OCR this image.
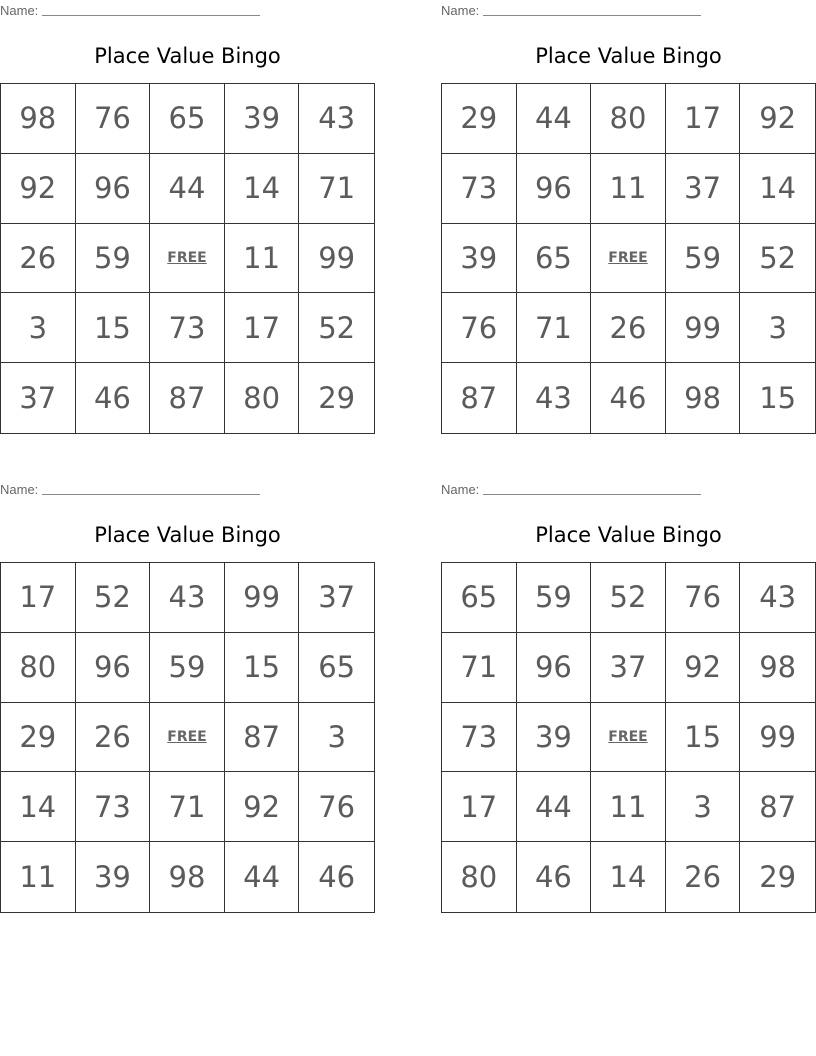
Name:
Place Value Bingo
98	76	65	39	43
92	96	44	14	71
26	59	FREE	11	99
3	15	73	17	52
37	46	87	80	29
Name:
Place Value Bingo
29	44	80	17	92
73	96	11	37	14
39	65	FREE	59	52
76	71	26	99	3
87	43	46	98	15
Name:
Place Value Bingo
17	52	43	99	37
80	96	59	15	65
29	26	FREE	87	3
14	73	71	92	76
11	39	98	44	46
Name:
Place Value Bingo
65	59	52	76	43
71	96	37	92	98
73	39	FREE	15	99
17	44	11	3	87
80	46	14	26	29
